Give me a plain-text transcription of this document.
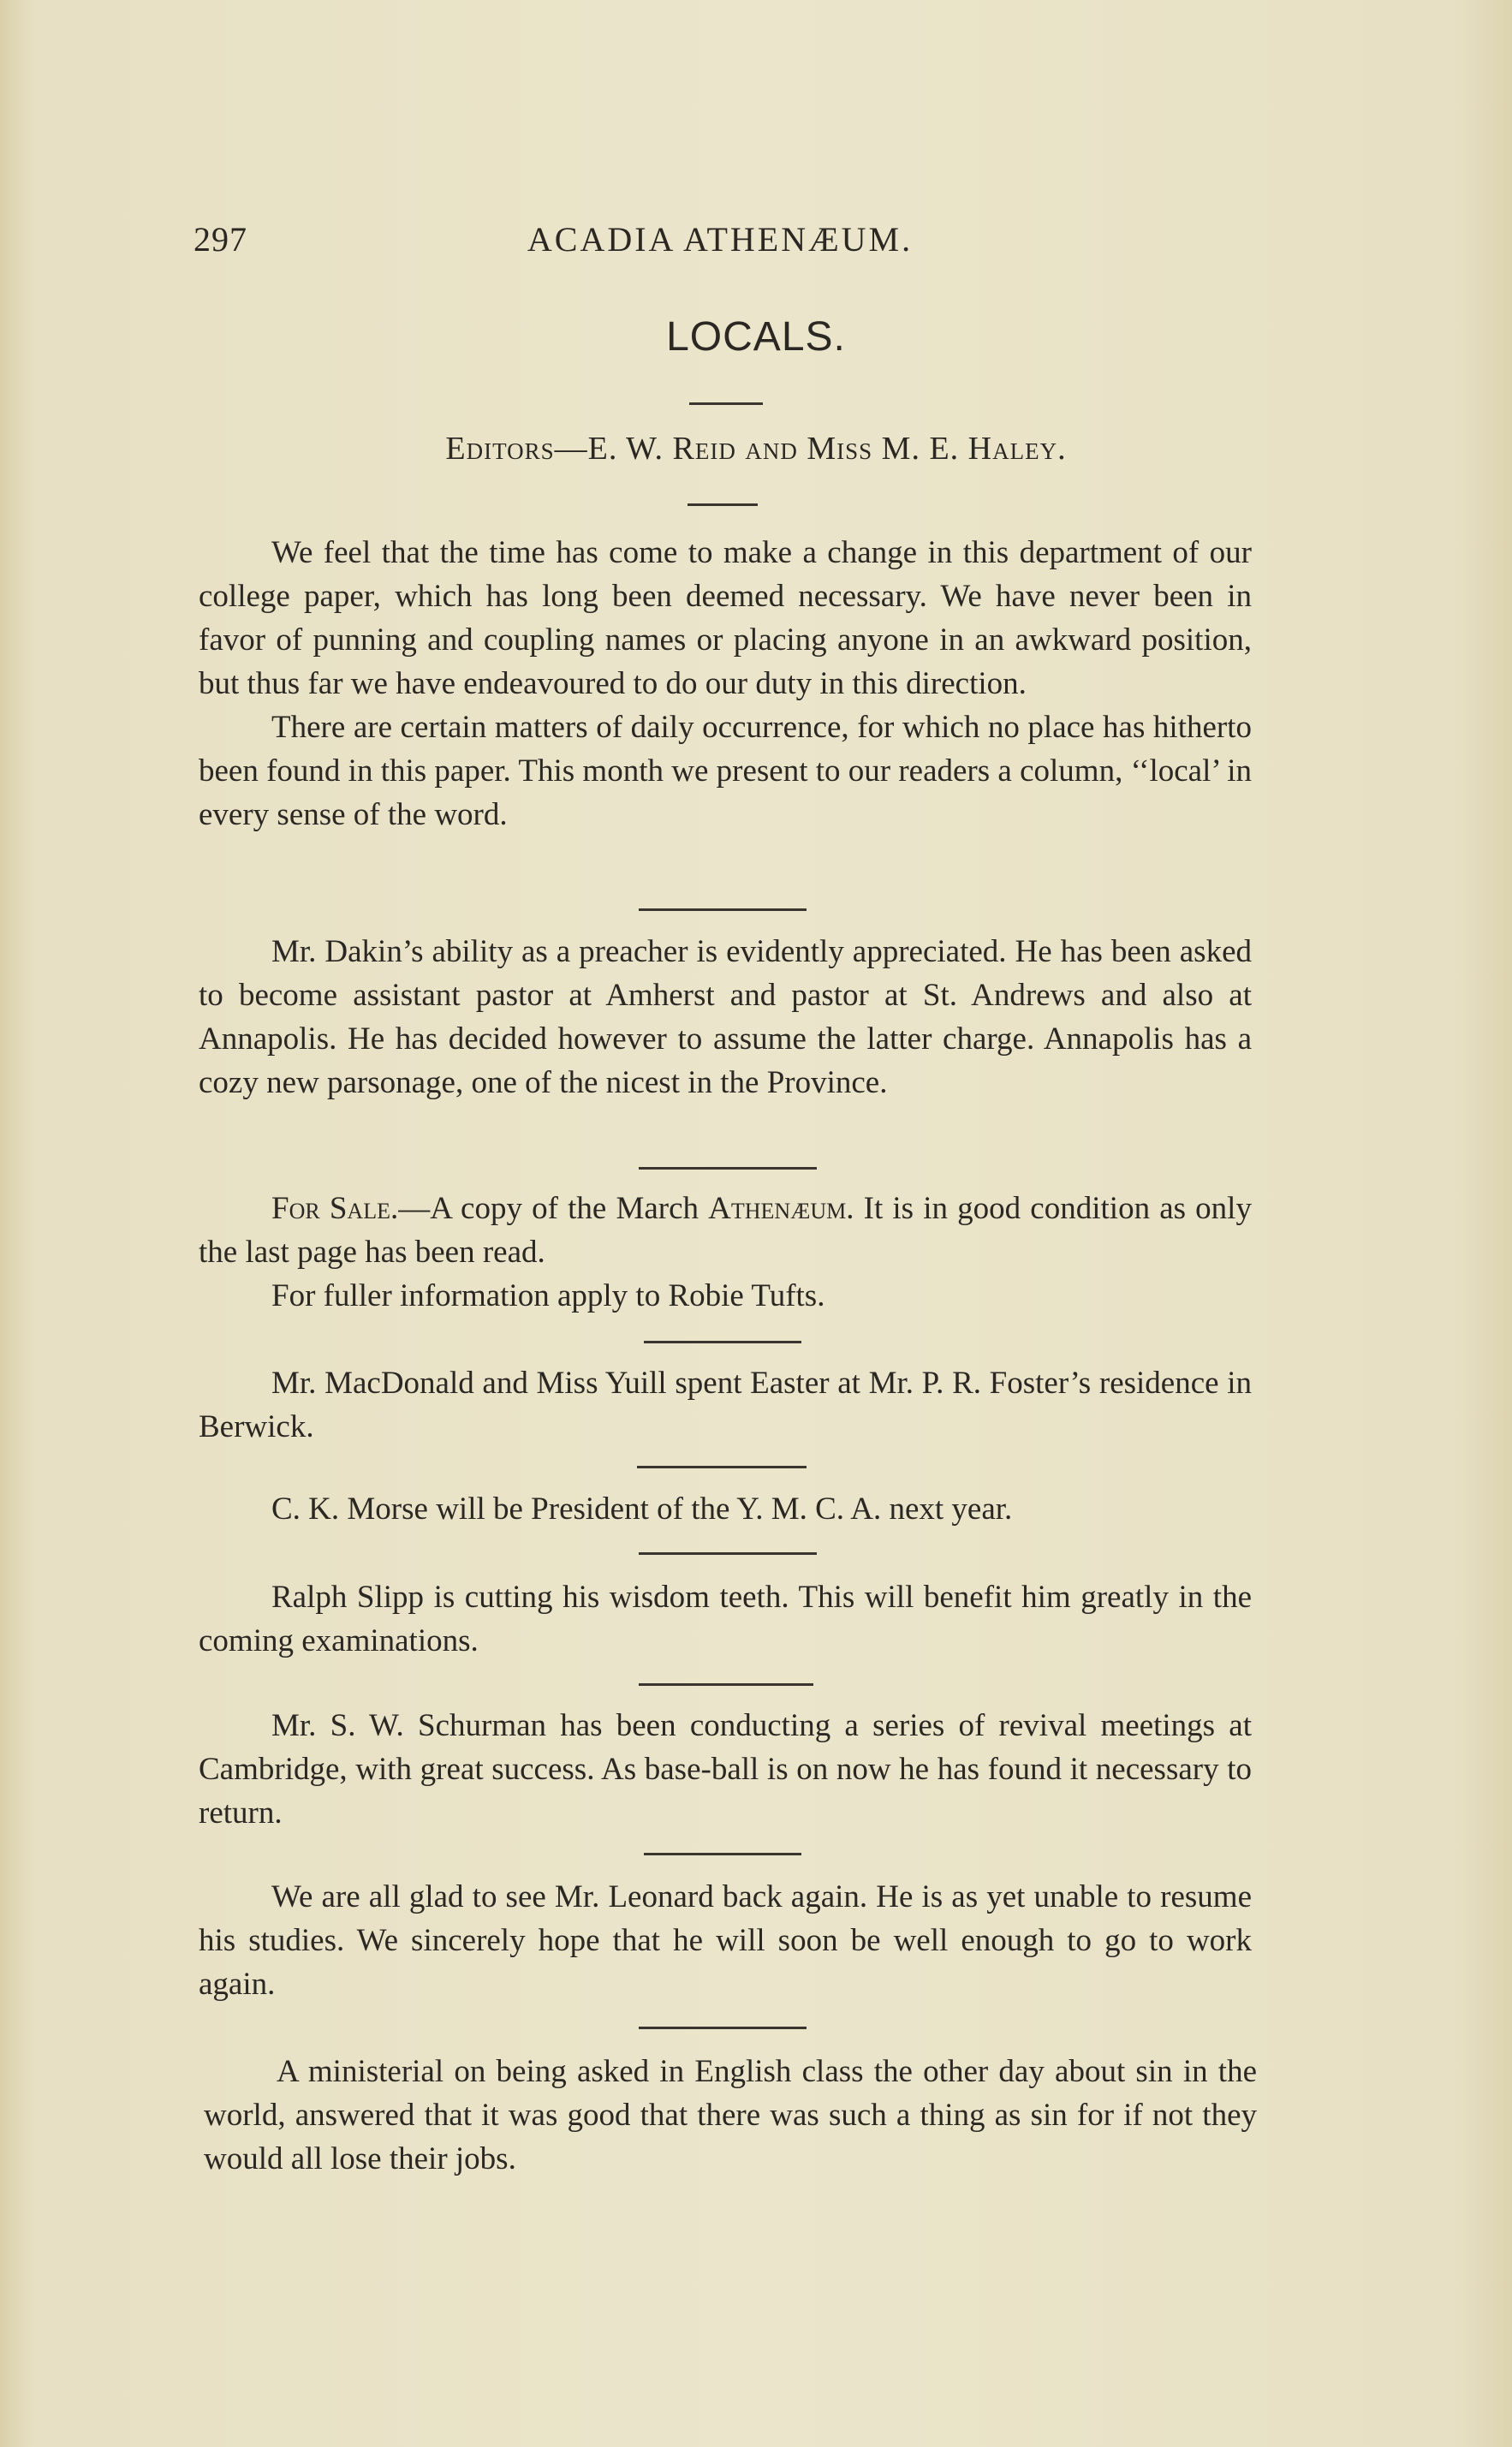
297	ACADIA ATHENÆUM.
LOCALS.
Editors—E. W. Reid and Miss M. E. Haley.

We feel that the time has come to make a change in this department of our college paper, which has long been deemed necessary. We have never been in favor of punning and coupling names or placing anyone in an awkward position, but thus far we have endeavoured to do our duty in this direction.

There are certain matters of daily occurrence, for which no place has hitherto been found in this paper. This month we present to our readers a column, ‘‘local’ in every sense of the word.

Mr. Dakin’s ability as a preacher is evidently appreciated. He has been asked to become assistant pastor at Amherst and pastor at St. Andrews and also at Annapolis. He has decided however to assume the latter charge. Annapolis has a cozy new parsonage, one of the nicest in the Province.

For Sale.––A copy of the March Athenæum. It is in good condition as only the last page has been read.

For fuller information apply to Robie Tufts.

Mr. MacDonald and Miss Yuill spent Easter at Mr. P. R. Foster’s residence in Berwick.

C. K. Morse will be President of the Y. M. C. A. next year.

Ralph Slipp is cutting his wisdom teeth. This will benefit him greatly in the coming examinations.

Mr. S. W. Schurman has been conducting a series of revival meetings at Cambridge, with great success. As base-ball is on now he has found it necessary to return.

We are all glad to see Mr. Leonard back again. He is as yet unable to resume his studies. We sincerely hope that he will soon be well enough to go to work again.

A ministerial on being asked in English class the other day about sin in the world, answered that it was good that there was such a thing as sin for if not they would all lose their jobs.
